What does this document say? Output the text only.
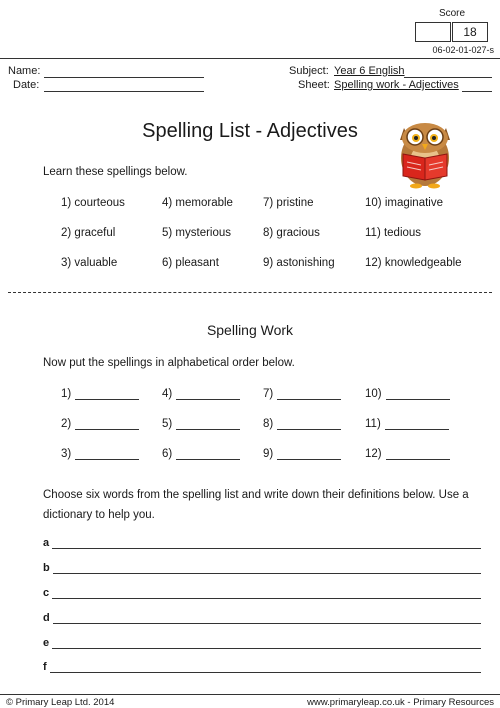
Score
18
06-02-01-027-s
Name:
Date:
Subject: Year 6 English
Sheet: Spelling work - Adjectives
Spelling List - Adjectives
Learn these spellings below.
1) courteous	4) memorable	7) pristine	10) imaginative
2) graceful	5) mysterious	8) gracious	11) tedious
3) valuable	6) pleasant	9) astonishing	12) knowledgeable
Spelling Work
Now put the spellings in alphabetical order below.
1)	4)	7)	10)
2)	5)	8)	11)
3)	6)	9)	12)
Choose six words from the spelling list and write down their definitions below. Use a
dictionary to help you.
a
b
c
d
e
f
© Primary Leap Ltd. 2014	www.primaryleap.co.uk - Primary Resources
